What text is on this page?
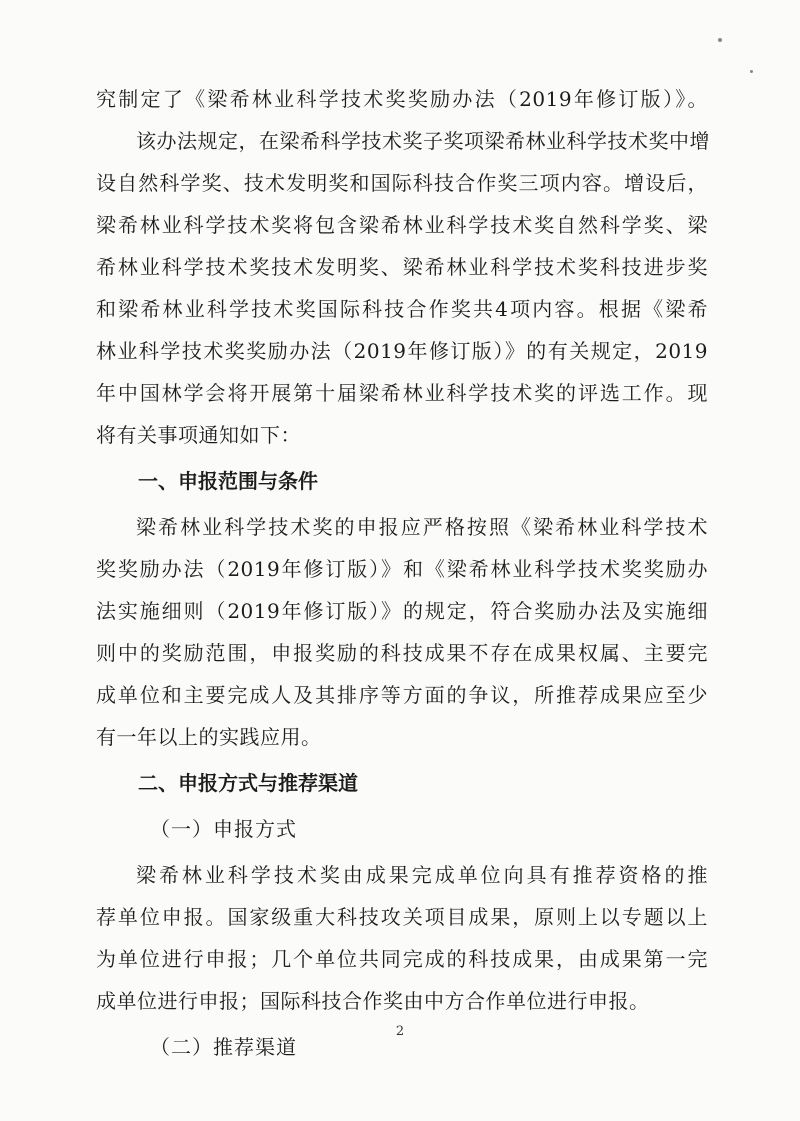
究制定了《梁希林业科学技术奖奖励办法（2019年修订版）》。
该办法规定，在梁希科学技术奖子奖项梁希林业科学技术奖中增
设自然科学奖、技术发明奖和国际科技合作奖三项内容。增设后，
梁希林业科学技术奖将包含梁希林业科学技术奖自然科学奖、梁
希林业科学技术奖技术发明奖、梁希林业科学技术奖科技进步奖
和梁希林业科学技术奖国际科技合作奖共4项内容。根据《梁希
林业科学技术奖奖励办法（2019年修订版）》的有关规定，2019
年中国林学会将开展第十届梁希林业科学技术奖的评选工作。现
将有关事项通知如下：
一、申报范围与条件
梁希林业科学技术奖的申报应严格按照《梁希林业科学技术
奖奖励办法（2019年修订版）》和《梁希林业科学技术奖奖励办
法实施细则（2019年修订版）》的规定，符合奖励办法及实施细
则中的奖励范围，申报奖励的科技成果不存在成果权属、主要完
成单位和主要完成人及其排序等方面的争议，所推荐成果应至少
有一年以上的实践应用。
二、申报方式与推荐渠道
（一）申报方式
梁希林业科学技术奖由成果完成单位向具有推荐资格的推
荐单位申报。国家级重大科技攻关项目成果，原则上以专题以上
为单位进行申报；几个单位共同完成的科技成果，由成果第一完
成单位进行申报；国际科技合作奖由中方合作单位进行申报。
（二）推荐渠道
2
